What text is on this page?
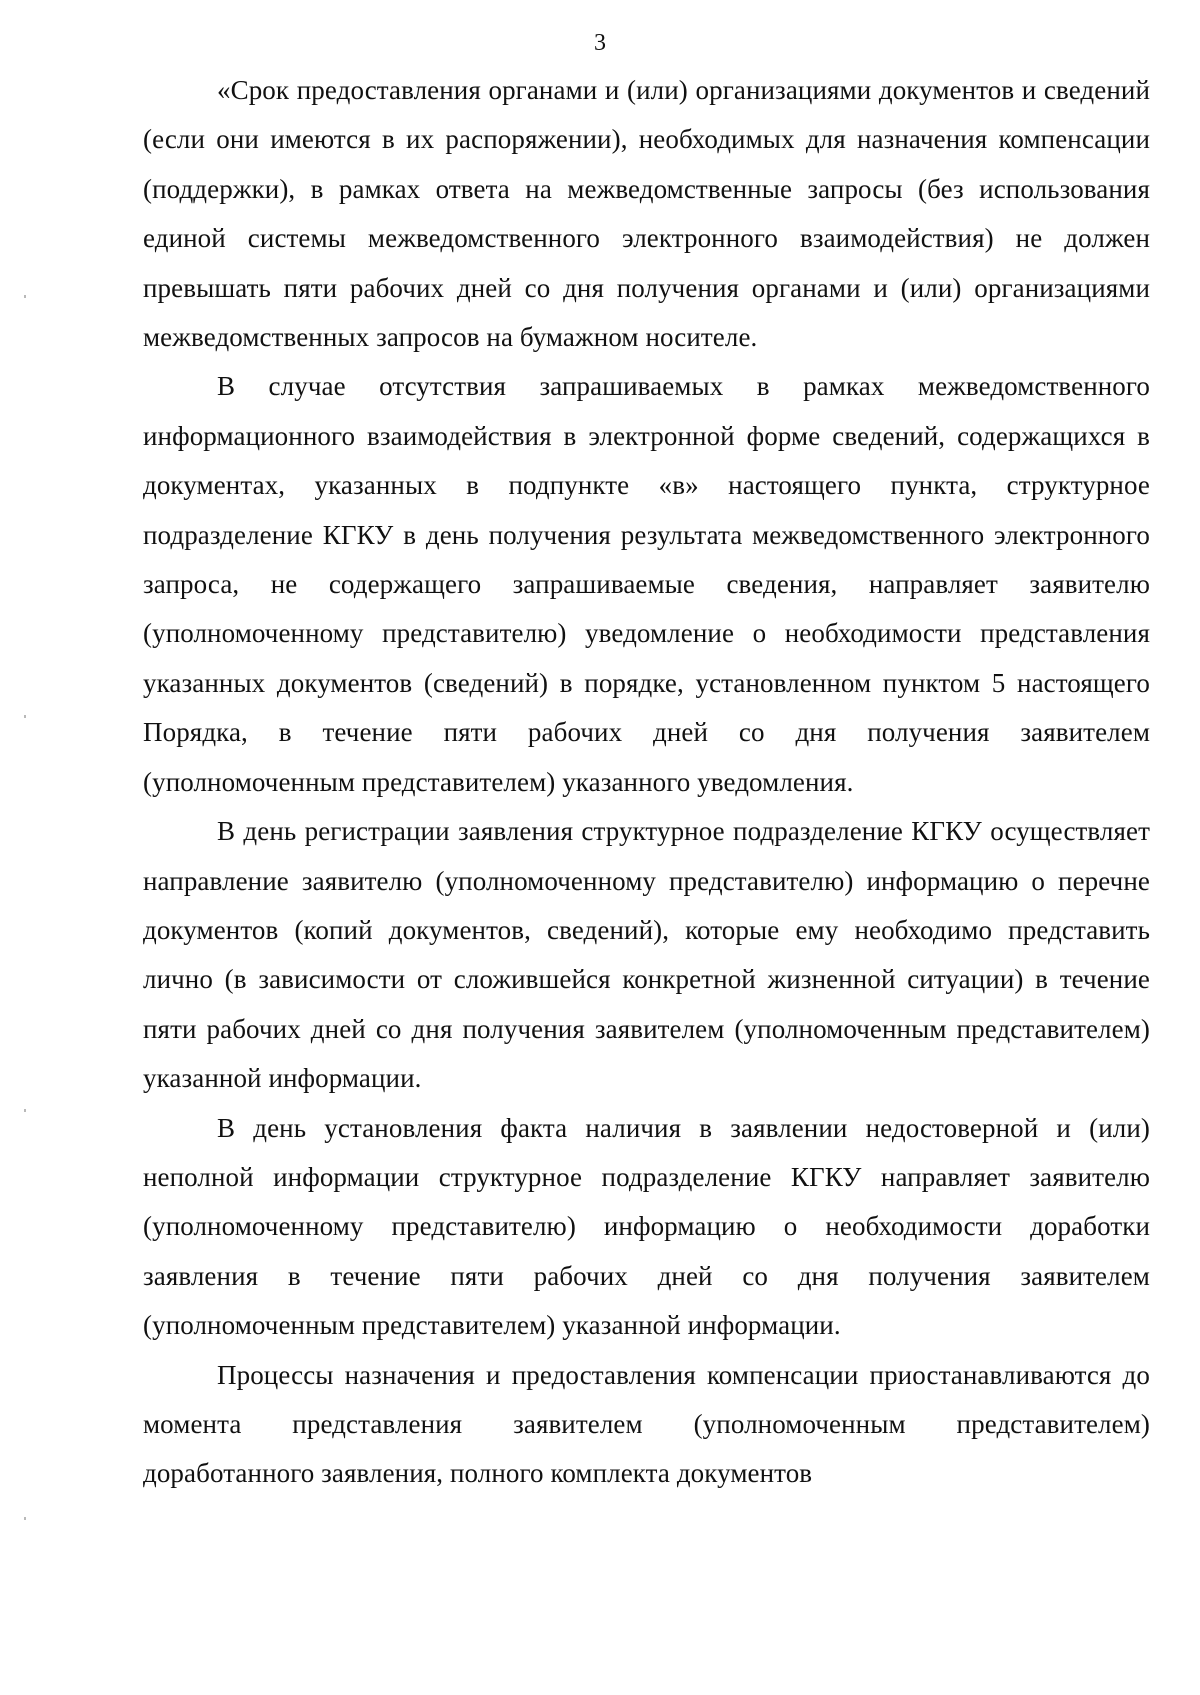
3

«Срок предоставления органами и (или) организациями документов и сведений (если они имеются в их распоряжении), необходимых для назначения компенсации (поддержки), в рамках ответа на межведомственные запросы (без использования единой системы межведомственного электронного взаимодействия) не должен превышать пяти рабочих дней со дня получения органами и (или) организациями межведомственных запросов на бумажном носителе.

В случае отсутствия запрашиваемых в рамках межведомственного информационного взаимодействия в электронной форме сведений, содержащихся в документах, указанных в подпункте «в» настоящего пункта, структурное подразделение КГКУ в день получения результата межведомственного электронного запроса, не содержащего запрашиваемые сведения, направляет заявителю (уполномоченному представителю) уведомление о необходимости представления указанных документов (сведений) в порядке, установленном пунктом 5 настоящего Порядка, в течение пяти рабочих дней со дня получения заявителем (уполномоченным представителем) указанного уведомления.

В день регистрации заявления структурное подразделение КГКУ осуществляет направление заявителю (уполномоченному представителю) информацию о перечне документов (копий документов, сведений), которые ему необходимо представить лично (в зависимости от сложившейся конкретной жизненной ситуации) в течение пяти рабочих дней со дня получения заявителем (уполномоченным представителем) указанной информации.

В день установления факта наличия в заявлении недостоверной и (или) неполной информации структурное подразделение КГКУ направляет заявителю (уполномоченному представителю) информацию о необходимости доработки заявления в течение пяти рабочих дней со дня получения заявителем (уполномоченным представителем) указанной информации.

Процессы назначения и предоставления компенсации приостанавливаются до момента представления заявителем (уполномоченным представителем) доработанного заявления, полного комплекта документов
